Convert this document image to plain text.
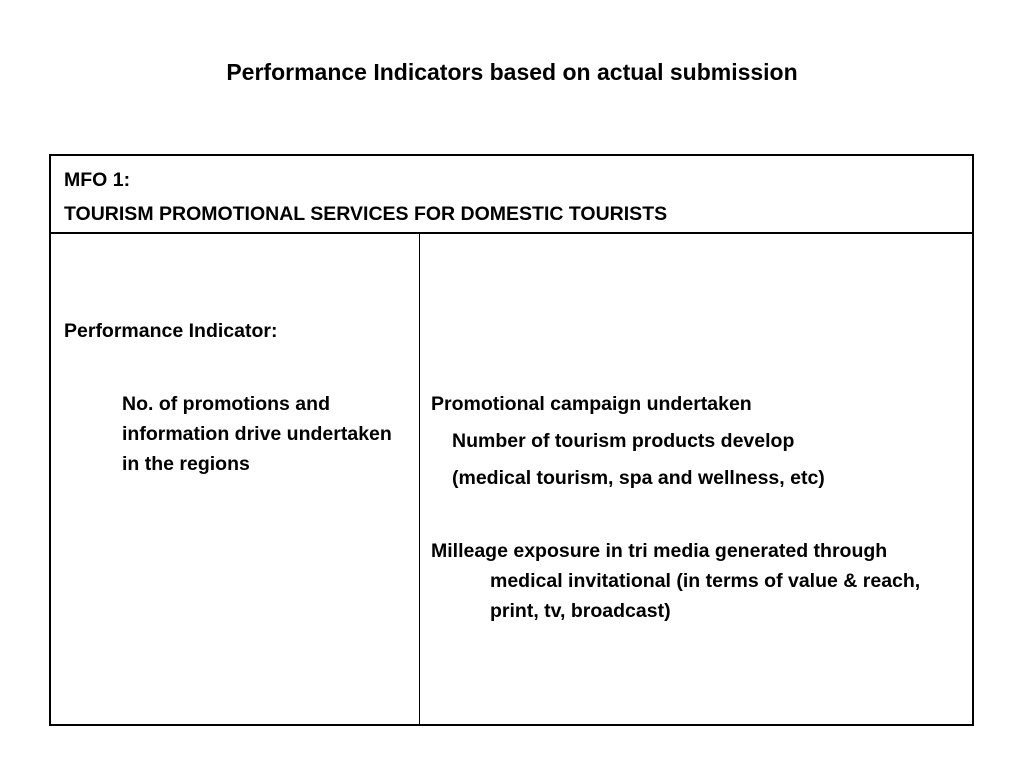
Performance Indicators based on actual submission
MFO 1:
TOURISM PROMOTIONAL SERVICES FOR DOMESTIC TOURISTS
Performance Indicator:
No. of promotions and information drive undertaken in the regions
Promotional campaign undertaken
Number of tourism products develop
(medical tourism, spa and wellness, etc)
Milleage exposure in tri media generated through medical invitational (in terms of value & reach, print, tv, broadcast)
